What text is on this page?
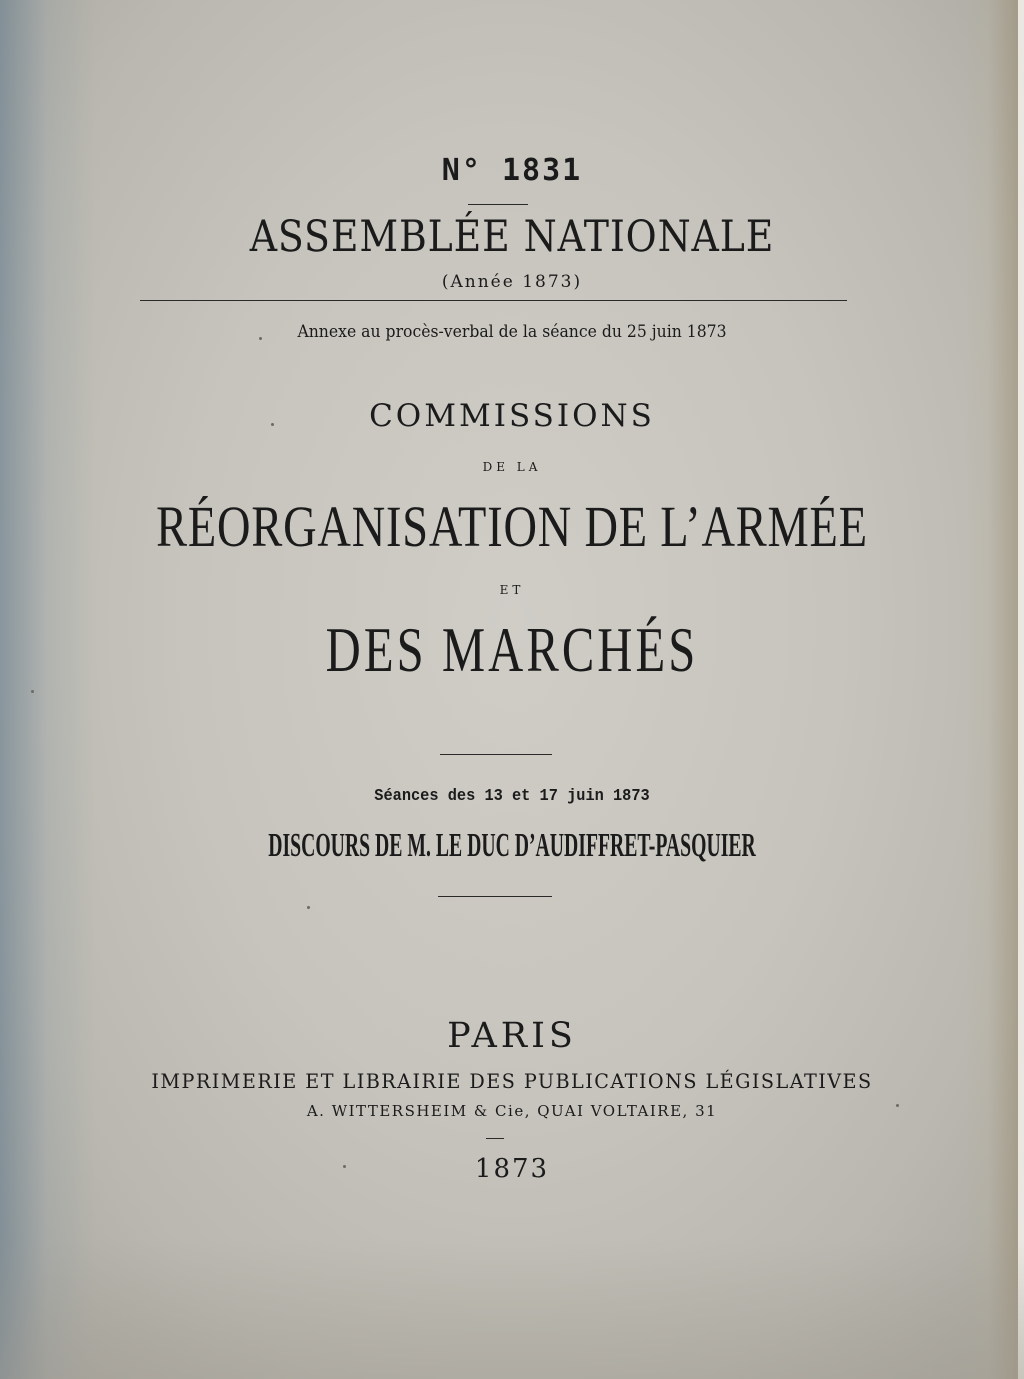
N° 1831
ASSEMBLÉE NATIONALE
(Année 1873)
Annexe au procès-verbal de la séance du 25 juin 1873
COMMISSIONS
DE LA
RÉORGANISATION DE L’ARMÉE
ET
DES MARCHÉS
Séances des 13 et 17 juin 1873
DISCOURS DE M. LE DUC D’AUDIFFRET-PASQUIER
PARIS
IMPRIMERIE ET LIBRAIRIE DES PUBLICATIONS LÉGISLATIVES
A. WITTERSHEIM & Cie, QUAI VOLTAIRE, 31
1873
